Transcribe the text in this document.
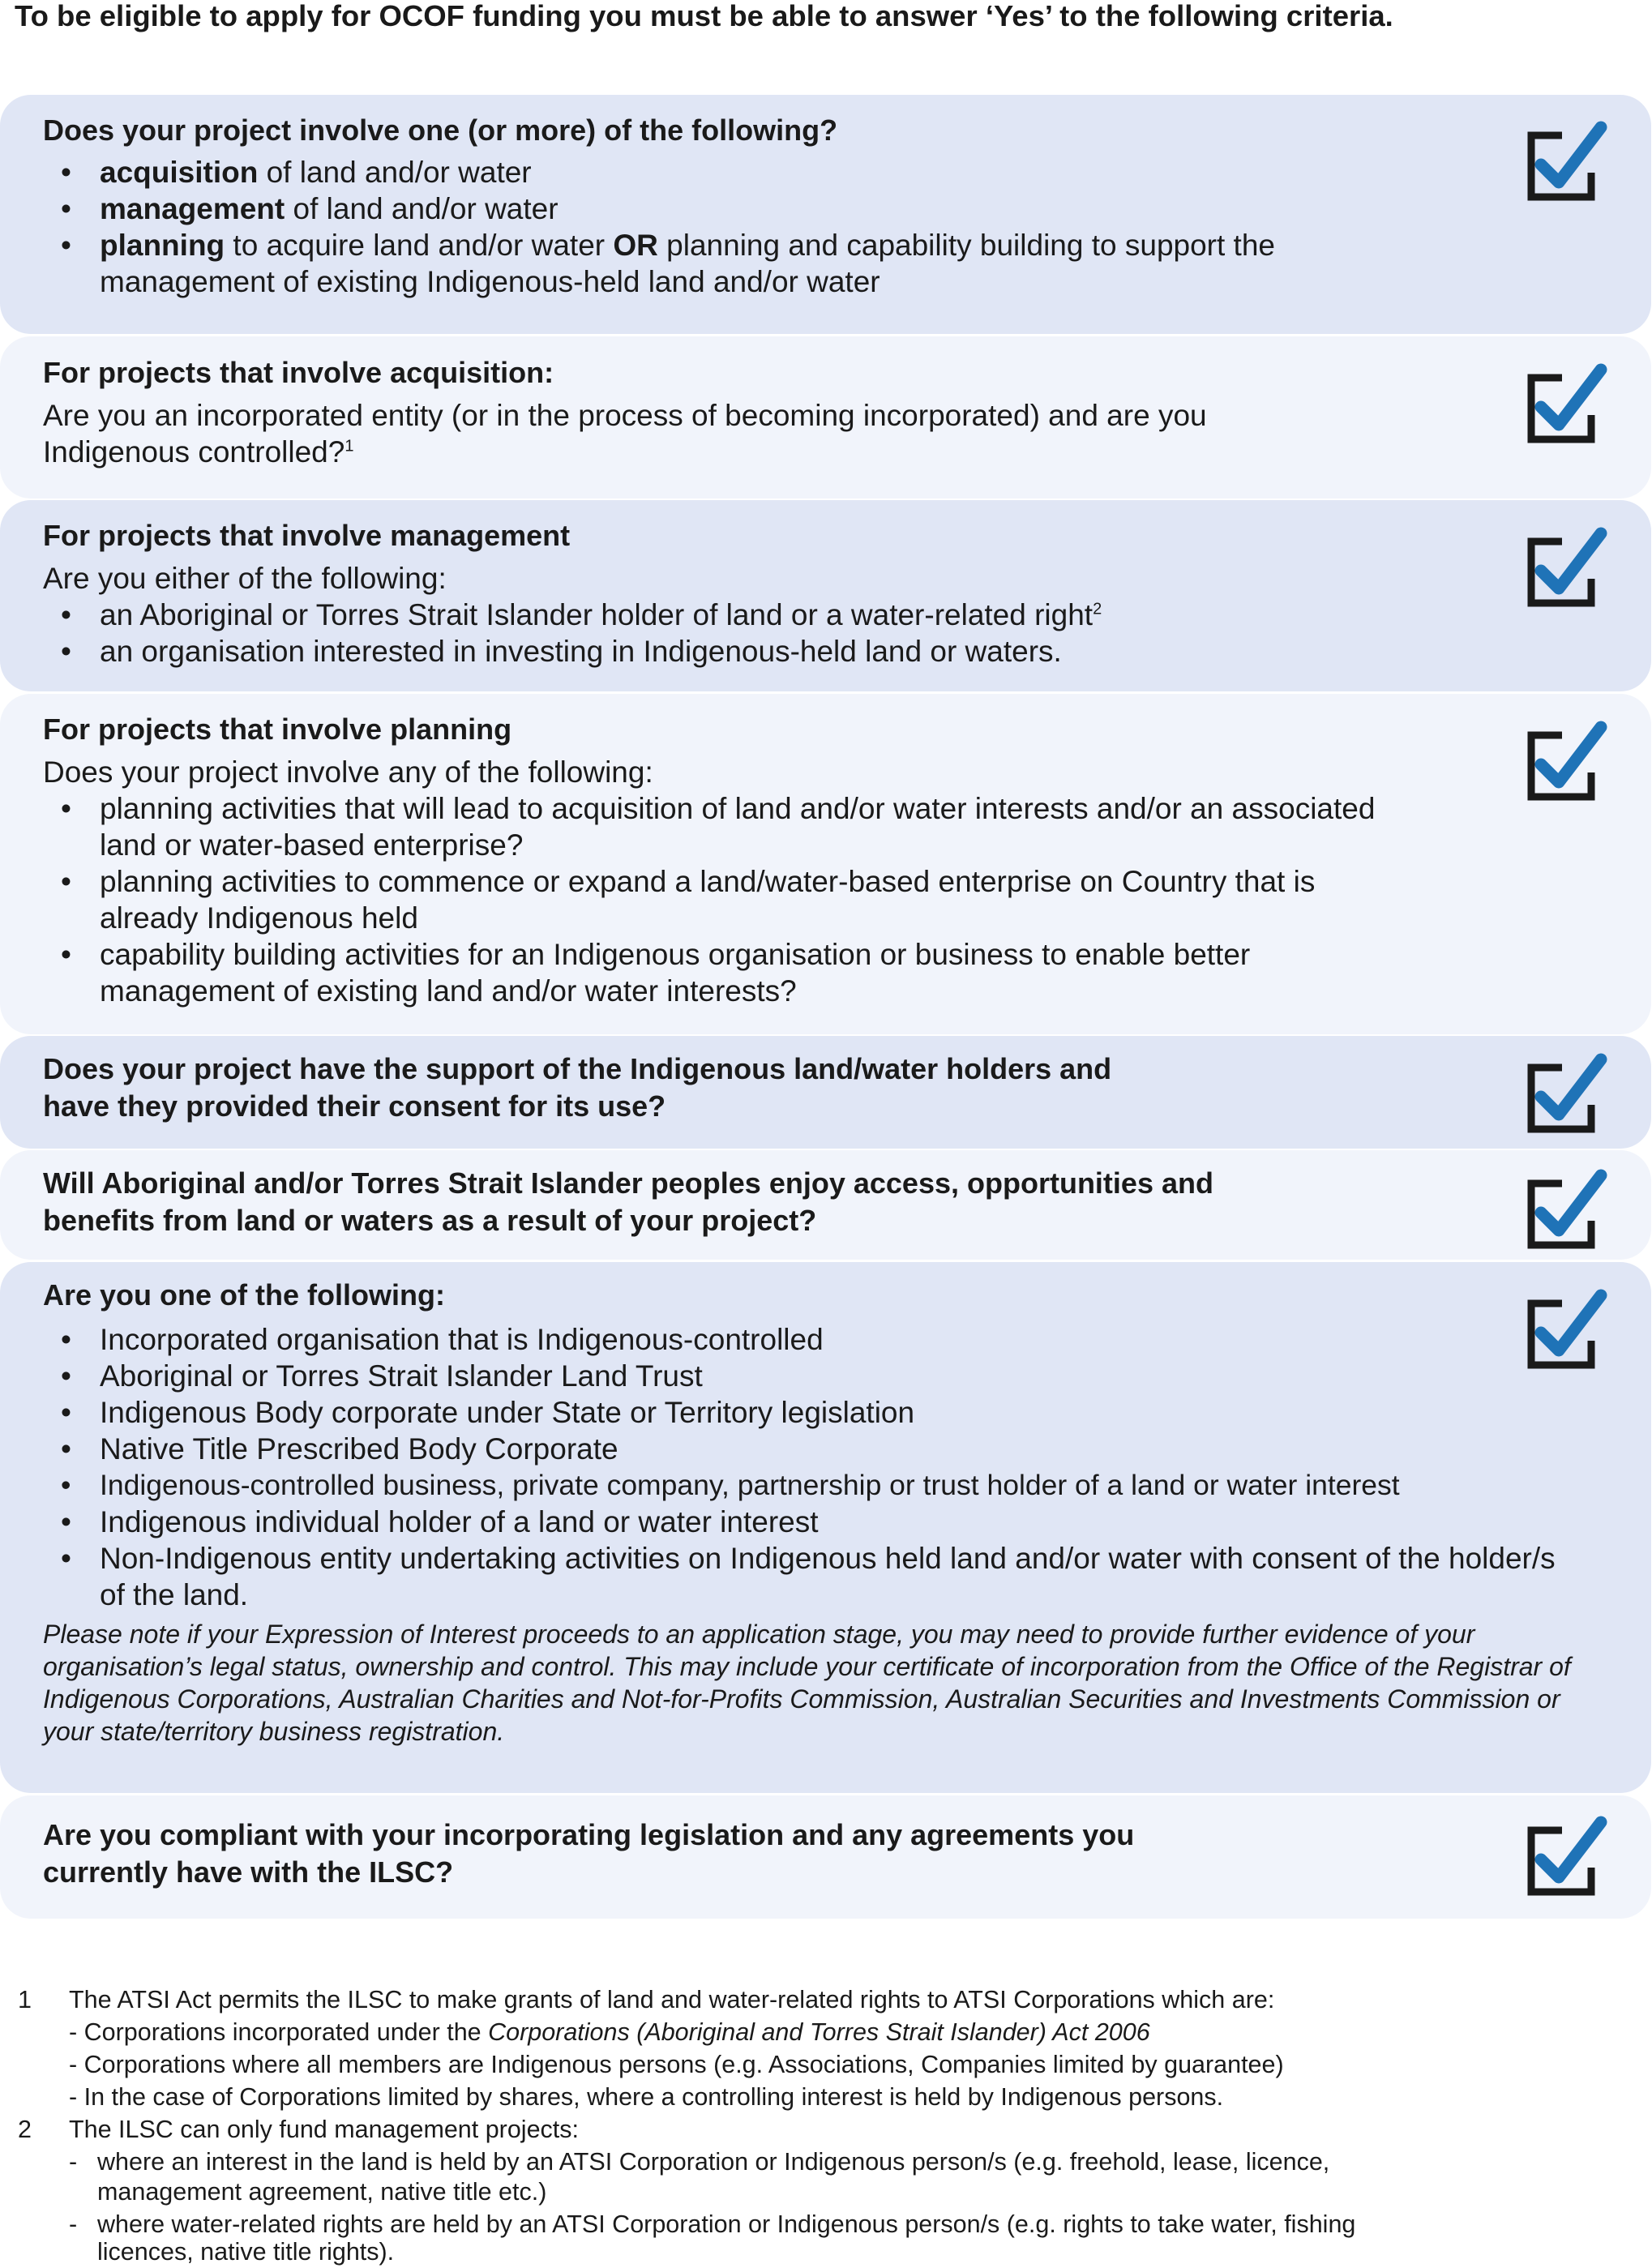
To be eligible to apply for OCOF funding you must be able to answer ‘Yes’ to the following criteria.
Does your project involve one (or more) of the following?
• acquisition of land and/or water
• management of land and/or water
• planning to acquire land and/or water OR planning and capability building to support the management of existing Indigenous-held land and/or water
For projects that involve acquisition:
Are you an incorporated entity (or in the process of becoming incorporated) and are you Indigenous controlled?$^1$
For projects that involve management
Are you either of the following:
• an Aboriginal or Torres Strait Islander holder of land or a water-related right$^2$
• an organisation interested in investing in Indigenous-held land or waters.
For projects that involve planning
Does your project involve any of the following:
• planning activities that will lead to acquisition of land and/or water interests and/or an associated land or water-based enterprise?
• planning activities to commence or expand a land/water-based enterprise on Country that is already Indigenous held
• capability building activities for an Indigenous organisation or business to enable better management of existing land and/or water interests?
Does your project have the support of the Indigenous land/water holders and have they provided their consent for its use?
Will Aboriginal and/or Torres Strait Islander peoples enjoy access, opportunities and benefits from land or waters as a result of your project?
Are you one of the following:
• Incorporated organisation that is Indigenous-controlled
• Aboriginal or Torres Strait Islander Land Trust
• Indigenous Body corporate under State or Territory legislation
• Native Title Prescribed Body Corporate
• Indigenous-controlled business, private company, partnership or trust holder of a land or water interest
• Indigenous individual holder of a land or water interest
• Non-Indigenous entity undertaking activities on Indigenous held land and/or water with consent of the holder/s of the land.
Please note if your Expression of Interest proceeds to an application stage, you may need to provide further evidence of your organisation’s legal status, ownership and control. This may include your certificate of incorporation from the Office of the Registrar of Indigenous Corporations, Australian Charities and Not-for-Profits Commission, Australian Securities and Investments Commission or your state/territory business registration.
Are you compliant with your incorporating legislation and any agreements you currently have with the ILSC?
1 The ATSI Act permits the ILSC to make grants of land and water-related rights to ATSI Corporations which are:
- Corporations incorporated under the Corporations (Aboriginal and Torres Strait Islander) Act 2006
- Corporations where all members are Indigenous persons (e.g. Associations, Companies limited by guarantee)
- In the case of Corporations limited by shares, where a controlling interest is held by Indigenous persons.
2 The ILSC can only fund management projects:
- where an interest in the land is held by an ATSI Corporation or Indigenous person/s (e.g. freehold, lease, licence,
management agreement, native title etc.)
- where water-related rights are held by an ATSI Corporation or Indigenous person/s (e.g. rights to take water, fishing
licences, native title rights).
